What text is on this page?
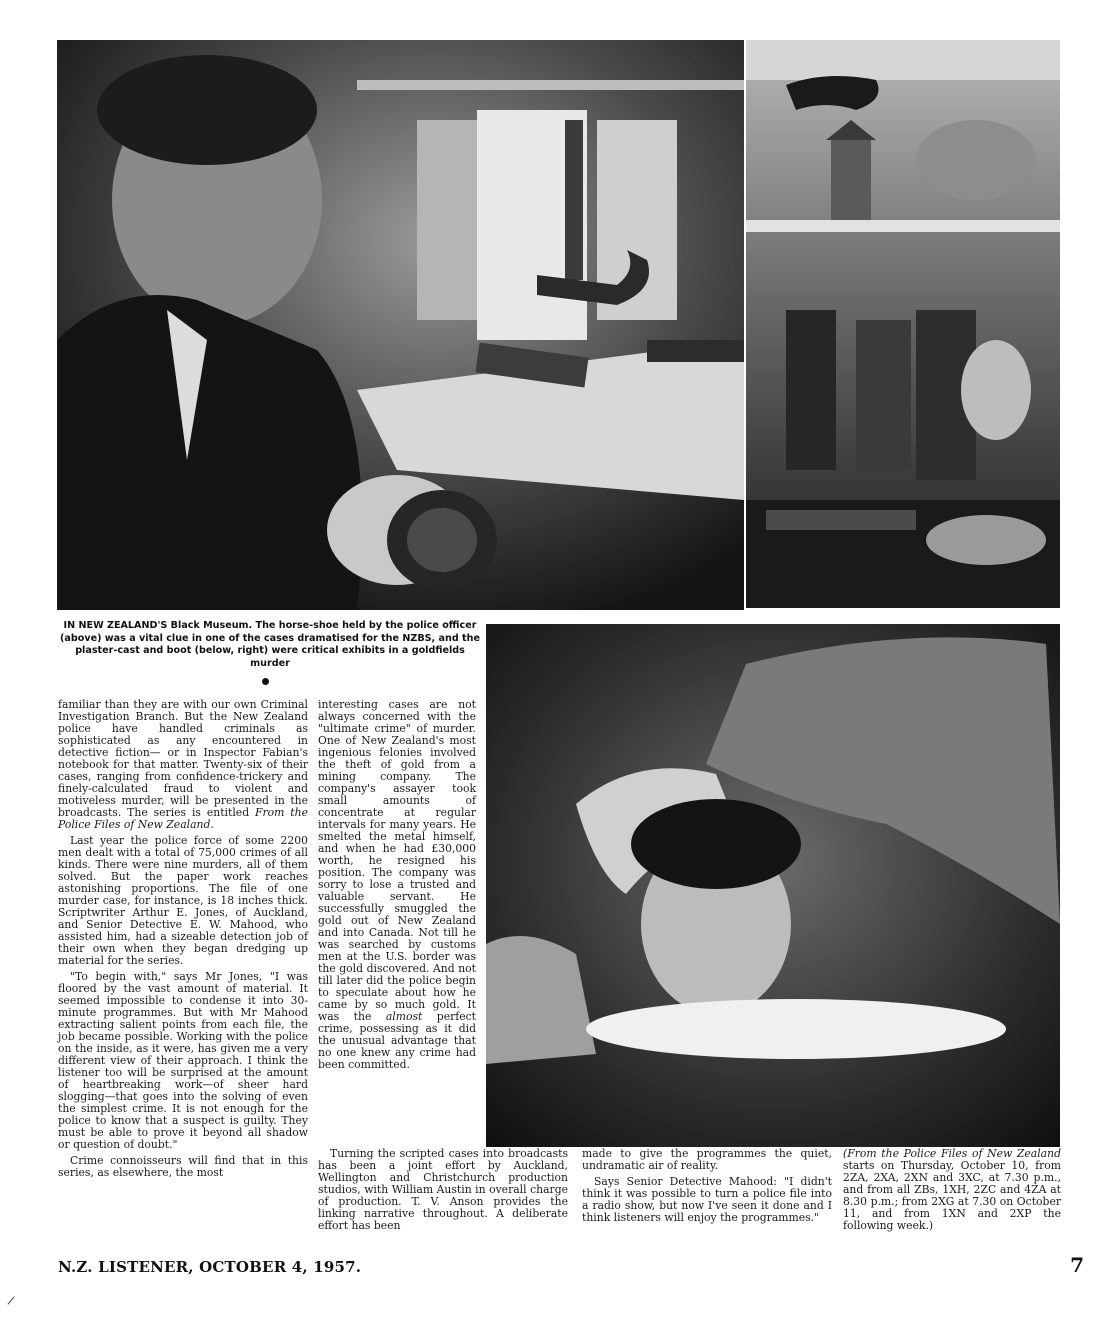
IN NEW ZEALAND'S Black Museum. The horse-shoe held by the police officer (above) was a vital clue in one of the cases dramatised for the NZBS, and the plaster-cast and boot (below, right) were critical exhibits in a goldfields murder

familiar than they are with our own Criminal Investigation Branch. But the New Zealand police have handled criminals as sophisticated as any encountered in detective fiction— or in Inspector Fabian's notebook for that matter. Twenty-six of their cases, ranging from confidence-trickery and finely-calculated fraud to violent and motiveless murder, will be presented in the broadcasts. The series is entitled From the Police Files of New Zealand.

Last year the police force of some 2200 men dealt with a total of 75,000 crimes of all kinds. There were nine murders, all of them solved. But the paper work reaches astonishing proportions. The file of one murder case, for instance, is 18 inches thick. Scriptwriter Arthur E. Jones, of Auckland, and Senior Detective E. W. Mahood, who assisted him, had a sizeable detection job of their own when they began dredging up material for the series.

"To begin with," says Mr Jones, "I was floored by the vast amount of material. It seemed impossible to condense it into 30-minute programmes. But with Mr Mahood extracting salient points from each file, the job became possible. Working with the police on the inside, as it were, has given me a very different view of their approach. I think the listener too will be surprised at the amount of heartbreaking work—of sheer hard slogging—that goes into the solving of even the simplest crime. It is not enough for the police to know that a suspect is guilty. They must be able to prove it beyond all shadow or question of doubt."

Crime connoisseurs will find that in this series, as elsewhere, the most

interesting cases are not always concerned with the "ultimate crime" of murder. One of New Zealand's most ingenious felonies involved the theft of gold from a mining company. The company's assayer took small amounts of concentrate at regular intervals for many years. He smelted the metal himself, and when he had £30,000 worth, he resigned his position. The company was sorry to lose a trusted and valuable servant. He successfully smuggled the gold out of New Zealand and into Canada. Not till he was searched by customs men at the U.S. border was the gold discovered. And not till later did the police begin to speculate about how he came by so much gold. It was the almost perfect crime, possessing as it did the unusual advantage that no one knew any crime had been committed.

Turning the scripted cases into broadcasts has been a joint effort by Auckland, Wellington and Christchurch production studios, with William Austin in overall charge of production. T. V. Anson provides the linking narrative throughout. A deliberate effort has been

made to give the programmes the quiet, undramatic air of reality.

Says Senior Detective Mahood: "I didn't think it was possible to turn a police file into a radio show, but now I've seen it done and I think listeners will enjoy the programmes."

(From the Police Files of New Zealand starts on Thursday, October 10, from 2ZA, 2XA, 2XN and 3XC, at 7.30 p.m., and from all ZBs, 1XH, 2ZC and 4ZA at 8.30 p.m.; from 2XG at 7.30 on October 11, and from 1XN and 2XP the following week.)

N.Z. LISTENER, OCTOBER 4, 1957.	7
